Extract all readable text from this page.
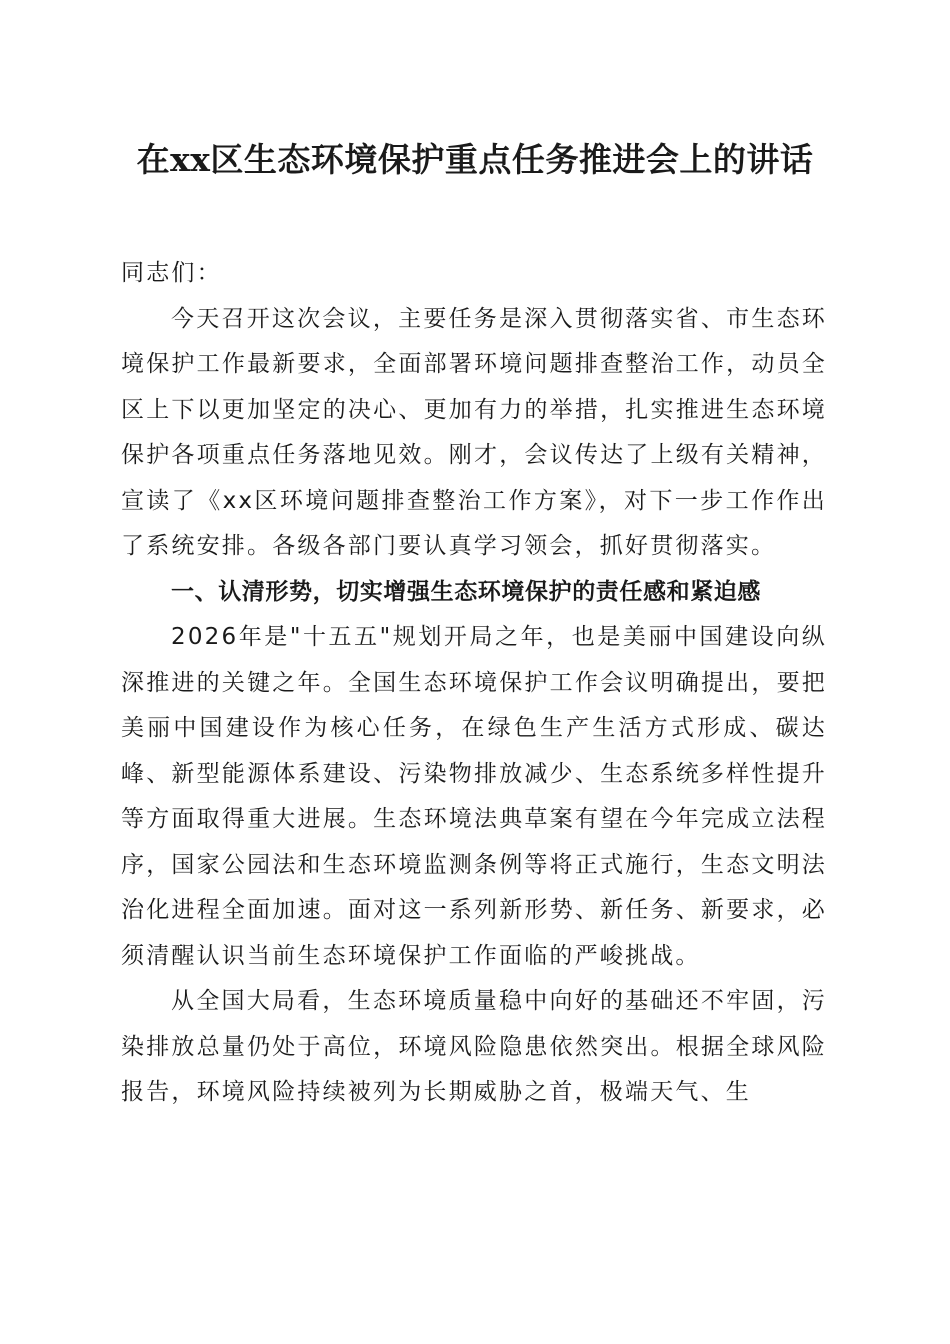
在xx区生态环境保护重点任务推进会上的讲话

同志们：

今天召开这次会议，主要任务是深入贯彻落实省、市生态环境保护工作最新要求，全面部署环境问题排查整治工作，动员全区上下以更加坚定的决心、更加有力的举措，扎实推进生态环境保护各项重点任务落地见效。刚才，会议传达了上级有关精神，宣读了《xx区环境问题排查整治工作方案》，对下一步工作作出了系统安排。各级各部门要认真学习领会，抓好贯彻落实。

一、认清形势，切实增强生态环境保护的责任感和紧迫感

2026年是"十五五"规划开局之年，也是美丽中国建设向纵深推进的关键之年。全国生态环境保护工作会议明确提出，要把美丽中国建设作为核心任务，在绿色生产生活方式形成、碳达峰、新型能源体系建设、污染物排放减少、生态系统多样性提升等方面取得重大进展。生态环境法典草案有望在今年完成立法程序，国家公园法和生态环境监测条例等将正式施行，生态文明法治化进程全面加速。面对这一系列新形势、新任务、新要求，必须清醒认识当前生态环境保护工作面临的严峻挑战。

从全国大局看，生态环境质量稳中向好的基础还不牢固，污染排放总量仍处于高位，环境风险隐患依然突出。根据全球风险报告，环境风险持续被列为长期威胁之首，极端天气、生
